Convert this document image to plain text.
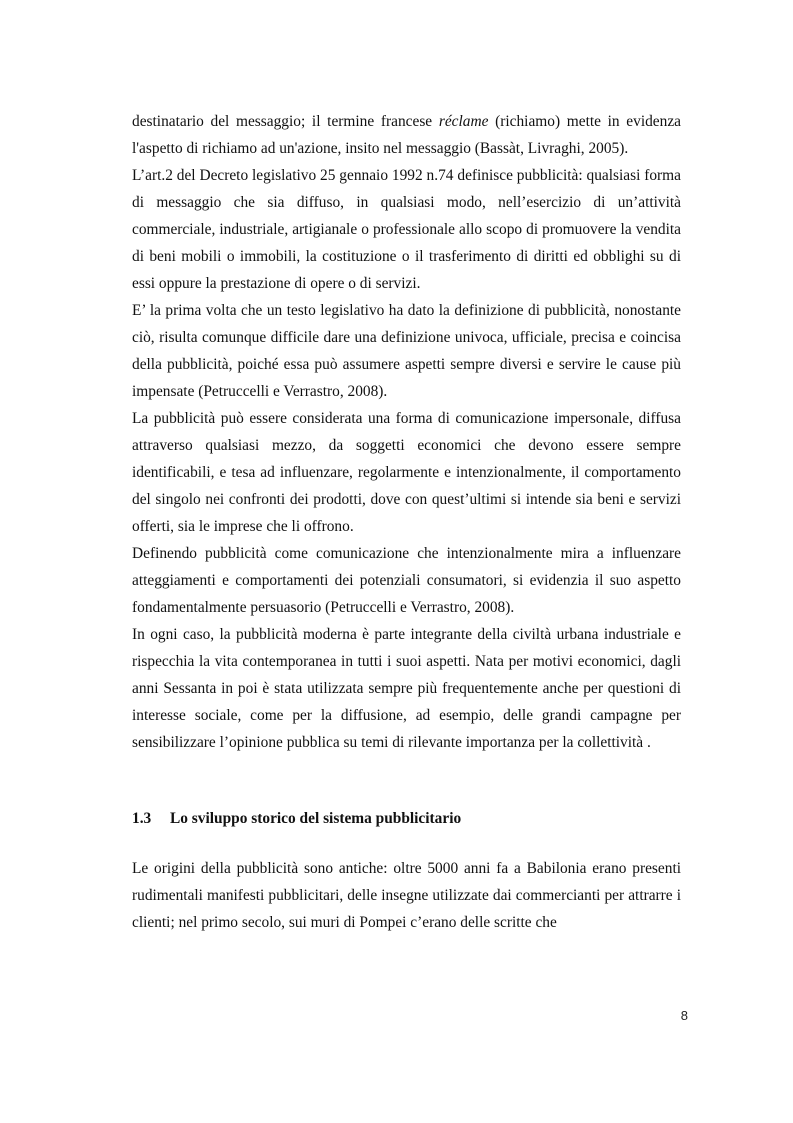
destinatario del messaggio; il termine francese réclame (richiamo) mette in evidenza l'aspetto di richiamo ad un'azione, insito nel messaggio (Bassàt, Livraghi, 2005).

L’art.2 del Decreto legislativo 25 gennaio 1992 n.74 definisce pubblicità: qualsiasi forma di messaggio che sia diffuso, in qualsiasi modo, nell’esercizio di un’attività commerciale, industriale, artigianale o professionale allo scopo di promuovere la vendita di beni mobili o immobili, la costituzione o il trasferimento di diritti ed obblighi su di essi oppure la prestazione di opere o di servizi.

E’ la prima volta che un testo legislativo ha dato la definizione di pubblicità, nonostante ciò, risulta comunque difficile dare una definizione univoca, ufficiale, precisa e coincisa della pubblicità, poiché essa può assumere aspetti sempre diversi e servire le cause più impensate (Petruccelli e Verrastro, 2008).

La pubblicità può essere considerata una forma di comunicazione impersonale, diffusa attraverso qualsiasi mezzo, da soggetti economici che devono essere sempre identificabili, e tesa ad influenzare, regolarmente e intenzionalmente, il comportamento del singolo nei confronti dei prodotti, dove con quest’ultimi si intende sia beni e servizi offerti, sia le imprese che li offrono.

Definendo pubblicità come comunicazione che intenzionalmente mira a influenzare atteggiamenti e comportamenti dei potenziali consumatori, si evidenzia il suo aspetto fondamentalmente persuasorio (Petruccelli e Verrastro, 2008).

In ogni caso, la pubblicità moderna è parte integrante della civiltà urbana industriale e rispecchia la vita contemporanea in tutti i suoi aspetti. Nata per motivi economici, dagli anni Sessanta in poi è stata utilizzata sempre più frequentemente anche per questioni di interesse sociale, come per la diffusione, ad esempio, delle grandi campagne per sensibilizzare l’opinione pubblica su temi di rilevante importanza per la collettività .

1.3 Lo sviluppo storico del sistema pubblicitario

Le origini della pubblicità sono antiche: oltre 5000 anni fa a Babilonia erano presenti rudimentali manifesti pubblicitari, delle insegne utilizzate dai commercianti per attrarre i clienti; nel primo secolo, sui muri di Pompei c’erano delle scritte che

8
